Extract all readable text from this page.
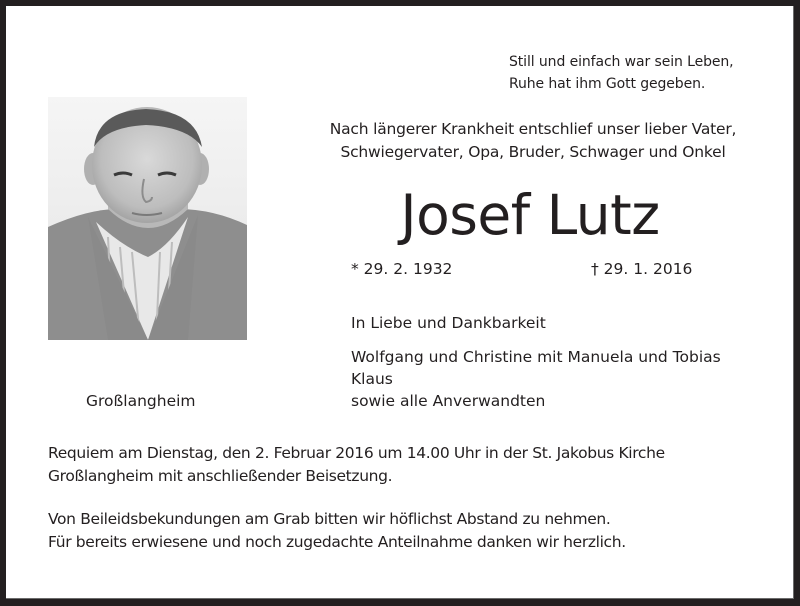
Still und einfach war sein Leben,
Ruhe hat ihm Gott gegeben.
Nach längerer Krankheit entschlief unser lieber Vater,
Schwiegervater, Opa, Bruder, Schwager und Onkel
Josef Lutz
* 29. 2. 1932	† 29. 1. 2016
In Liebe und Dankbarkeit
Wolfgang und Christine mit Manuela und Tobias
Klaus
sowie alle Anverwandten
Großlangheim
Requiem am Dienstag, den 2. Februar 2016 um 14.00 Uhr in der St. Jakobus Kirche
Großlangheim mit anschließender Beisetzung.
Von Beileidsbekundungen am Grab bitten wir höflichst Abstand zu nehmen.
Für bereits erwiesene und noch zugedachte Anteilnahme danken wir herzlich.
